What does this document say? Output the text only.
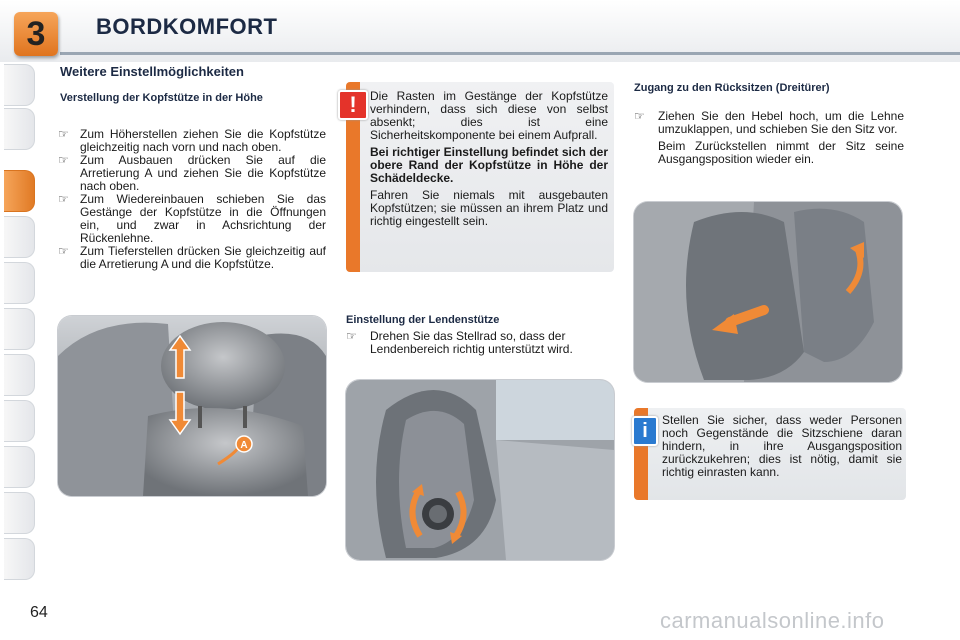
3	BORDKOMFORT
Weitere Einstellmöglichkeiten
Verstellung der Kopfstütze in der Höhe
☞ Zum Höherstellen ziehen Sie die Kopfstütze gleichzeitig nach vorn und nach oben.
☞ Zum Ausbauen drücken Sie auf die Arretierung A und ziehen Sie die Kopfstütze nach oben.
☞ Zum Wiedereinbauen schieben Sie das Gestänge der Kopfstütze in die Öffnungen ein, und zwar in Achsrichtung der Rückenlehne.
☞ Zum Tieferstellen drücken Sie gleichzeitig auf die Arretierung A und die Kopfstütze.
A
!	Die Rasten im Gestänge der Kopfstütze verhindern, dass sich diese von selbst absenkt; dies ist eine Sicherheitskomponente bei einem Aufprall.

Bei richtiger Einstellung befindet sich der obere Rand der Kopfstütze in Höhe der Schädeldecke.

Fahren Sie niemals mit ausgebauten Kopfstützen; sie müssen an ihrem Platz und richtig eingestellt sein.

Einstellung der Lendenstütze
☞ Drehen Sie das Stellrad so, dass der Lendenbereich richtig unterstützt wird.
Zugang zu den Rücksitzen (Dreitürer)
☞ Ziehen Sie den Hebel hoch, um die Lehne umzuklappen, und schieben Sie den Sitz vor.

Beim Zurückstellen nimmt der Sitz seine Ausgangsposition wieder ein.

i	Stellen Sie sicher, dass weder Personen noch Gegenstände die Sitzschiene daran hindern, in ihre Ausgangsposition zurückzukehren; dies ist nötig, damit sie richtig einrasten kann.
64	carmanualsonline.info
